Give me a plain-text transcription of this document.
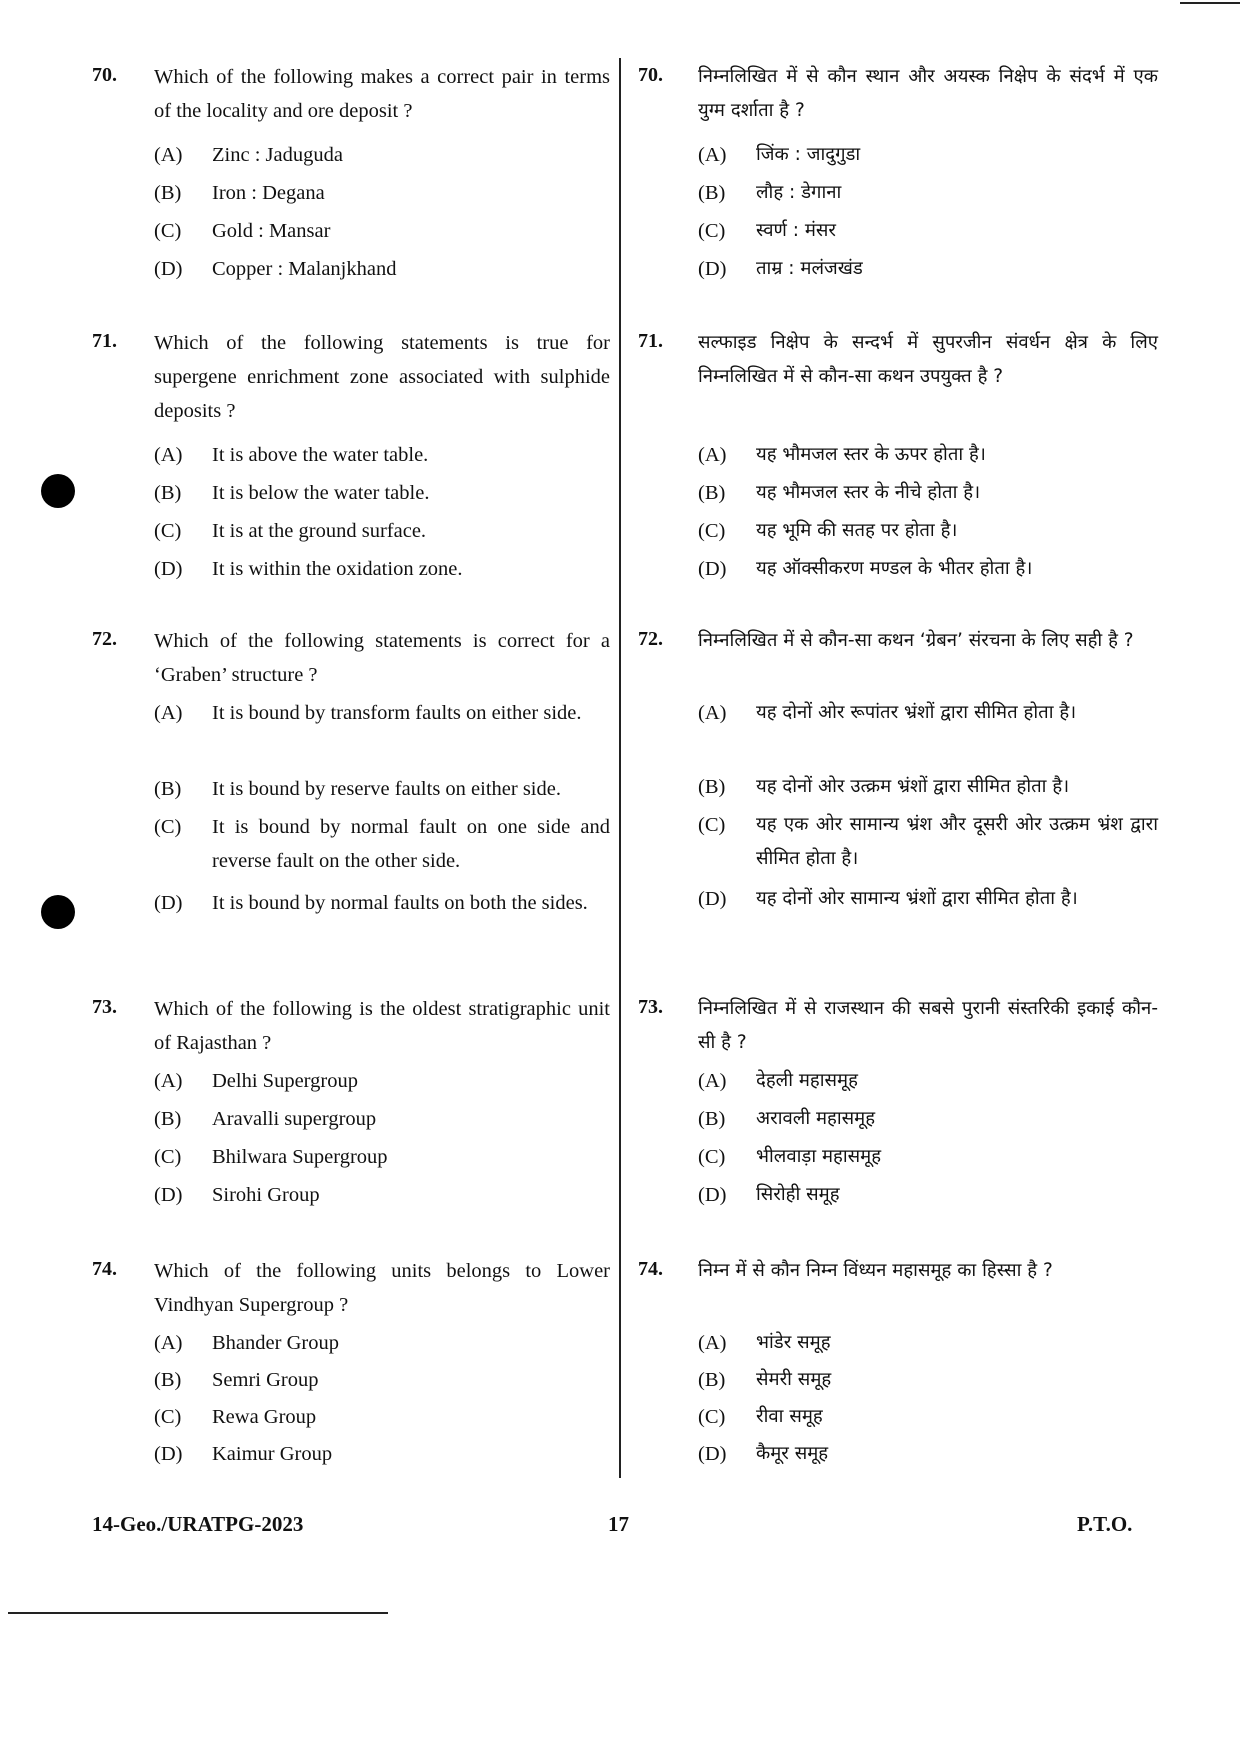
70. Which of the following makes a correct pair in terms of the locality and ore deposit ?
(A) Zinc : Jaduguda
(B) Iron : Degana
(C) Gold : Mansar
(D) Copper : Malanjkhand
71. Which of the following statements is true for supergene enrichment zone associated with sulphide deposits ?
(A) It is above the water table.
(B) It is below the water table.
(C) It is at the ground surface.
(D) It is within the oxidation zone.
72. Which of the following statements is correct for a ‘Graben’ structure ?
(A) It is bound by transform faults on either side.
(B) It is bound by reserve faults on either side.
(C) It is bound by normal fault on one side and reverse fault on the other side.
(D) It is bound by normal faults on both the sides.
73. Which of the following is the oldest stratigraphic unit of Rajasthan ?
(A) Delhi Supergroup
(B) Aravalli supergroup
(C) Bhilwara Supergroup
(D) Sirohi Group
74. Which of the following units belongs to Lower Vindhyan Supergroup ?
(A) Bhander Group
(B) Semri Group
(C) Rewa Group
(D) Kaimur Group
70. निम्नलिखित में से कौन स्थान और अयस्क निक्षेप के संदर्भ में एक युग्म दर्शाता है ?
(A) जिंक : जादुगुडा
(B) लौह : डेगाना
(C) स्वर्ण : मंसर
(D) ताम्र : मलंजखंड
71. सल्फाइड निक्षेप के सन्दर्भ में सुपरजीन संवर्धन क्षेत्र के लिए निम्नलिखित में से कौन-सा कथन उपयुक्त है ?
(A) यह भौमजल स्तर के ऊपर होता है।
(B) यह भौमजल स्तर के नीचे होता है।
(C) यह भूमि की सतह पर होता है।
(D) यह ऑक्सीकरण मण्डल के भीतर होता है।
72. निम्नलिखित में से कौन-सा कथन ‘ग्रेबन’ संरचना के लिए सही है ?
(A) यह दोनों ओर रूपांतर भ्रंशों द्वारा सीमित होता है।
(B) यह दोनों ओर उत्क्रम भ्रंशों द्वारा सीमित होता है।
(C) यह एक ओर सामान्य भ्रंश और दूसरी ओर उत्क्रम भ्रंश द्वारा सीमित होता है।
(D) यह दोनों ओर सामान्य भ्रंशों द्वारा सीमित होता है।
73. निम्नलिखित में से राजस्थान की सबसे पुरानी संस्तरिकी इकाई कौन-सी है ?
(A) देहली महासमूह
(B) अरावली महासमूह
(C) भीलवाड़ा महासमूह
(D) सिरोही समूह
74. निम्न में से कौन निम्न विंध्यन महासमूह का हिस्सा है ?
(A) भांडेर समूह
(B) सेमरी समूह
(C) रीवा समूह
(D) कैमूर समूह
14-Geo./URATPG-2023	17	P.T.O.
